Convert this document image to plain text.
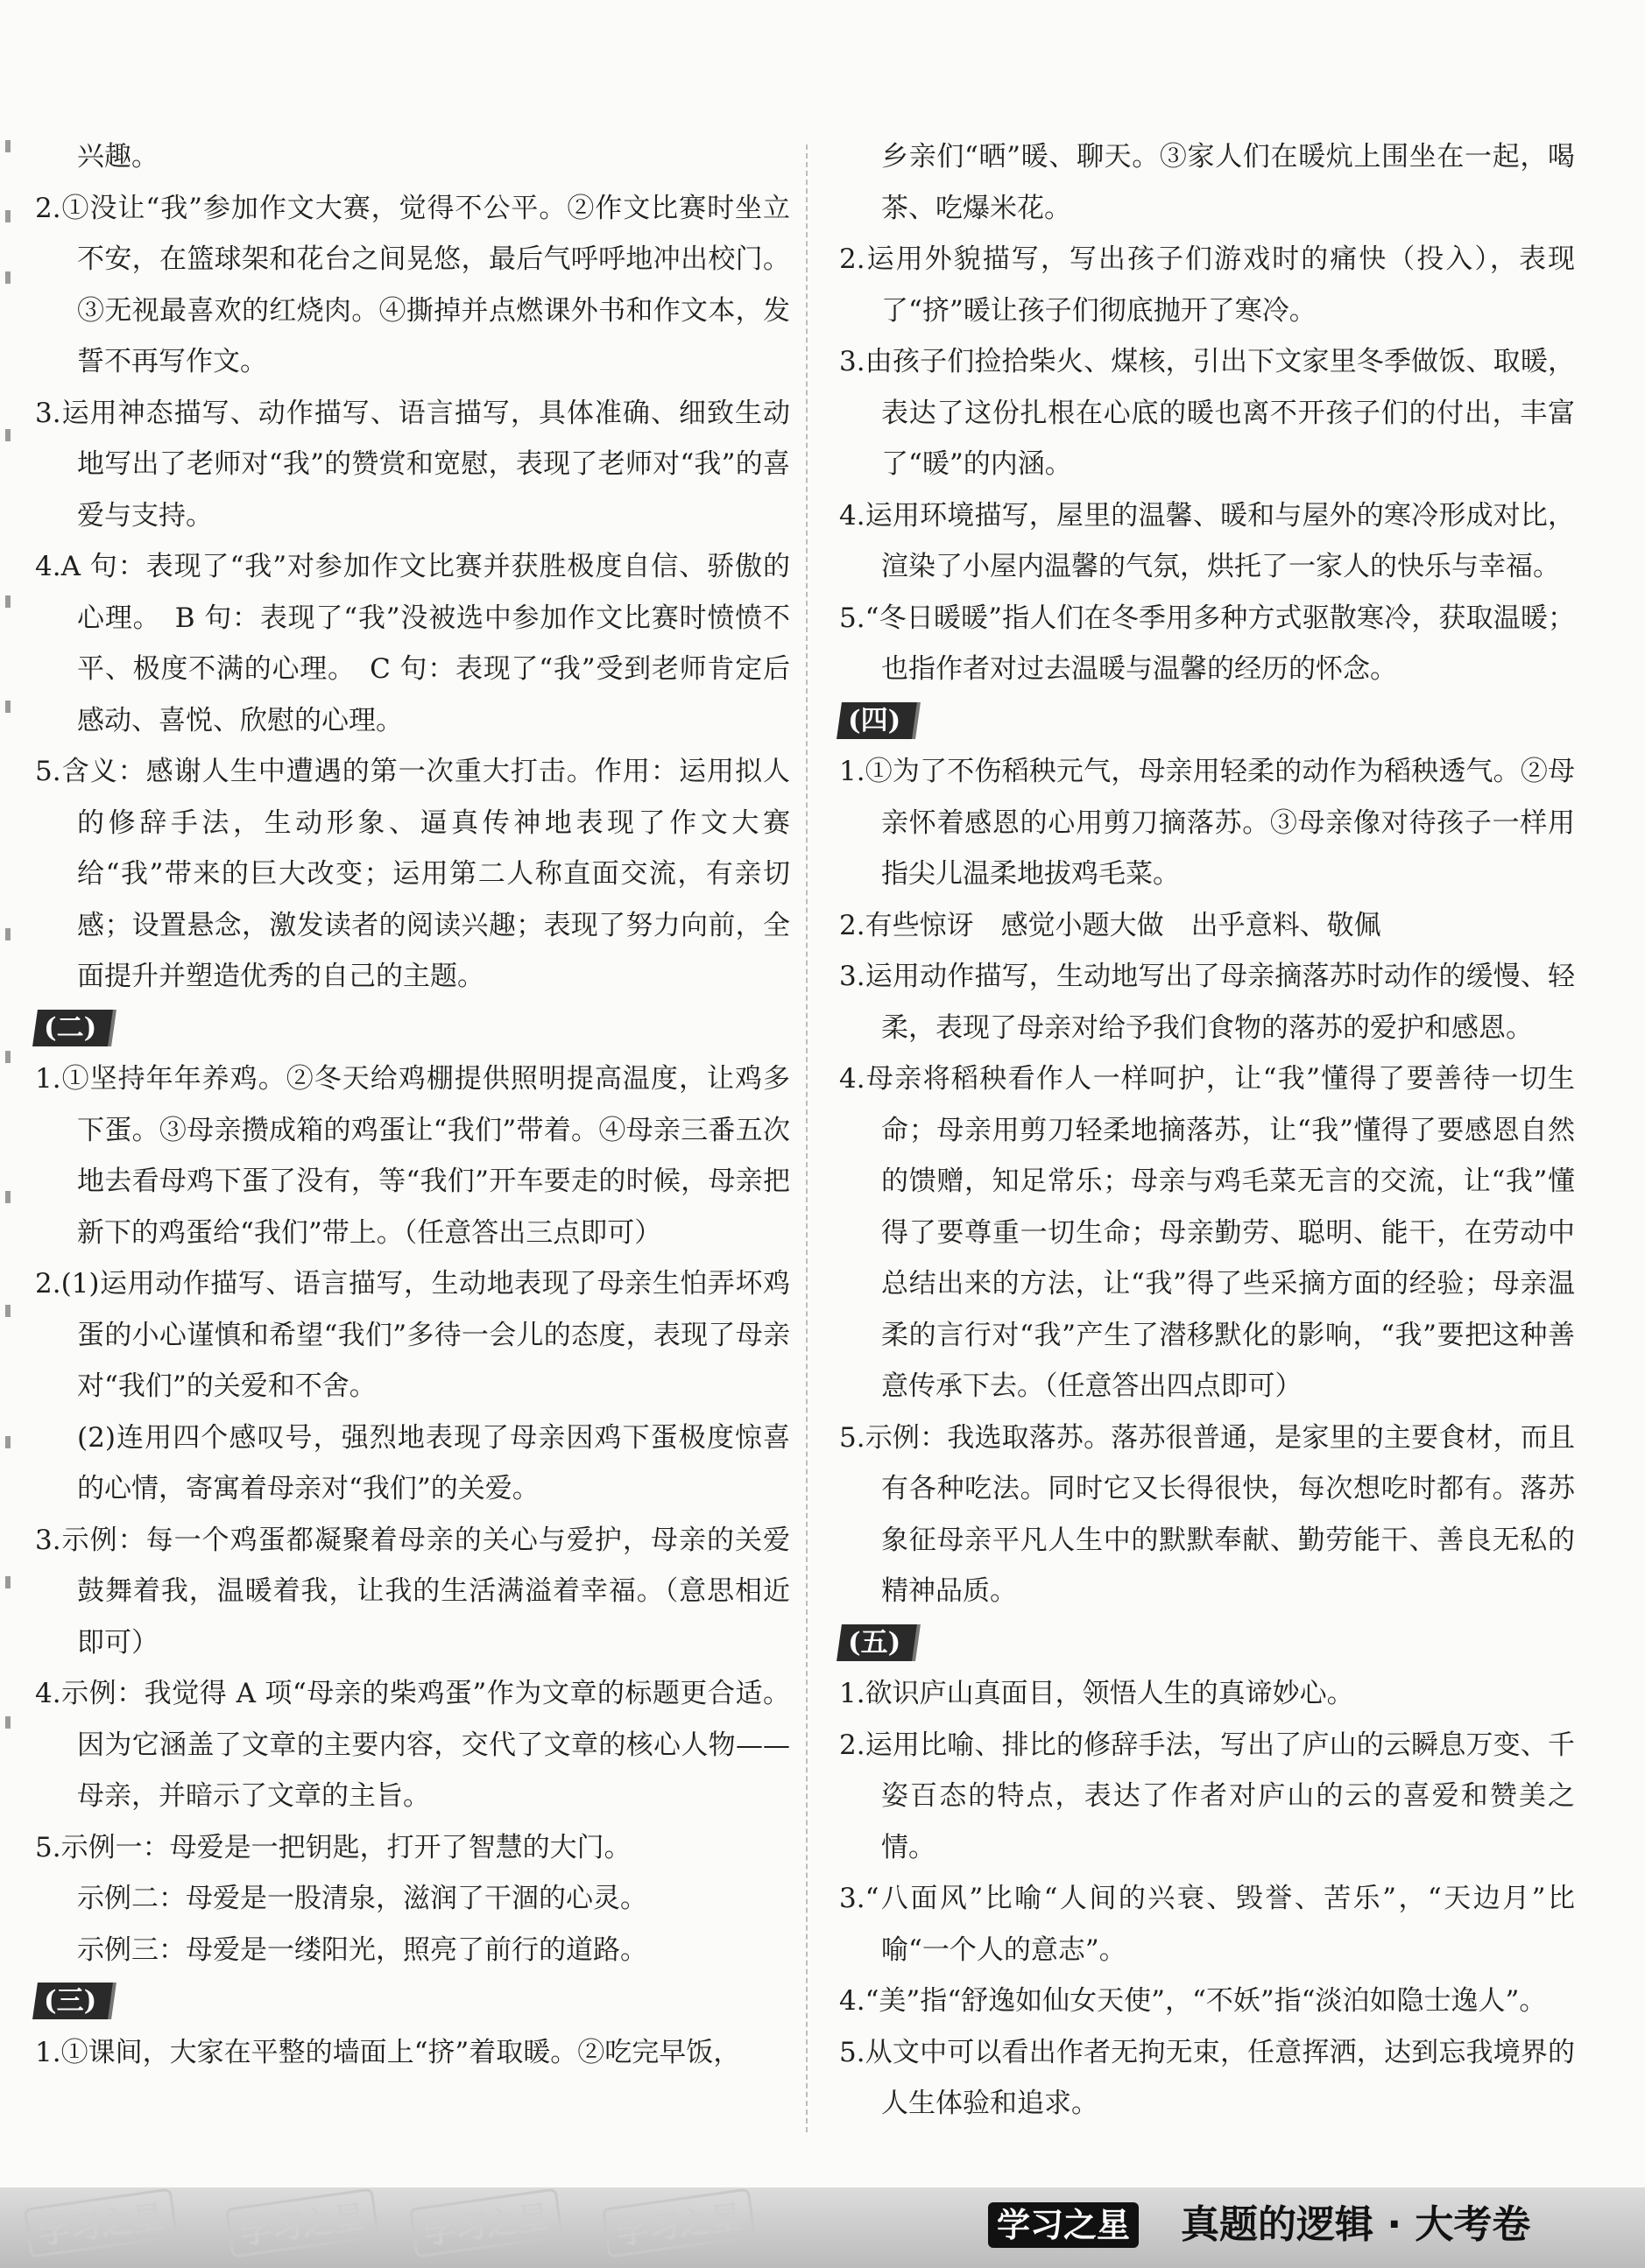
兴趣。
2.①没让“我”参加作文大赛，觉得不公平。②作文比赛时坐立不安，在篮球架和花台之间晃悠，最后气呼呼地冲出校门。③无视最喜欢的红烧肉。④撕掉并点燃课外书和作文本，发誓不再写作文。
3.运用神态描写、动作描写、语言描写，具体准确、细致生动地写出了老师对“我”的赞赏和宽慰，表现了老师对“我”的喜爱与支持。
4.A 句：表现了“我”对参加作文比赛并获胜极度自信、骄傲的心理。　B 句：表现了“我”没被选中参加作文比赛时愤愤不平、极度不满的心理。　C 句：表现了“我”受到老师肯定后感动、喜悦、欣慰的心理。
5.含义：感谢人生中遭遇的第一次重大打击。作用：运用拟人的修辞手法，生动形象、逼真传神地表现了作文大赛给“我”带来的巨大改变；运用第二人称直面交流，有亲切感；设置悬念，激发读者的阅读兴趣；表现了努力向前，全面提升并塑造优秀的自己的主题。
(二)
1.①坚持年年养鸡。②冬天给鸡棚提供照明提高温度，让鸡多下蛋。③母亲攒成箱的鸡蛋让“我们”带着。④母亲三番五次地去看母鸡下蛋了没有，等“我们”开车要走的时候，母亲把新下的鸡蛋给“我们”带上。（任意答出三点即可）
2.(1)运用动作描写、语言描写，生动地表现了母亲生怕弄坏鸡蛋的小心谨慎和希望“我们”多待一会儿的态度，表现了母亲对“我们”的关爱和不舍。
(2)连用四个感叹号，强烈地表现了母亲因鸡下蛋极度惊喜的心情，寄寓着母亲对“我们”的关爱。
3.示例：每一个鸡蛋都凝聚着母亲的关心与爱护，母亲的关爱鼓舞着我，温暖着我，让我的生活满溢着幸福。（意思相近即可）
4.示例：我觉得 A 项“母亲的柴鸡蛋”作为文章的标题更合适。因为它涵盖了文章的主要内容，交代了文章的核心人物——母亲，并暗示了文章的主旨。
5.示例一：母爱是一把钥匙，打开了智慧的大门。
示例二：母爱是一股清泉，滋润了干涸的心灵。
示例三：母爱是一缕阳光，照亮了前行的道路。
(三)
1.①课间，大家在平整的墙面上“挤”着取暖。②吃完早饭，
乡亲们“晒”暖、聊天。③家人们在暖炕上围坐在一起，喝茶、吃爆米花。
2.运用外貌描写，写出孩子们游戏时的痛快（投入），表现了“挤”暖让孩子们彻底抛开了寒冷。
3.由孩子们捡拾柴火、煤核，引出下文家里冬季做饭、取暖，表达了这份扎根在心底的暖也离不开孩子们的付出，丰富了“暖”的内涵。
4.运用环境描写，屋里的温馨、暖和与屋外的寒冷形成对比，渲染了小屋内温馨的气氛，烘托了一家人的快乐与幸福。
5.“冬日暖暖”指人们在冬季用多种方式驱散寒冷，获取温暖；也指作者对过去温暖与温馨的经历的怀念。
(四)
1.①为了不伤稻秧元气，母亲用轻柔的动作为稻秧透气。②母亲怀着感恩的心用剪刀摘落苏。③母亲像对待孩子一样用指尖儿温柔地拔鸡毛菜。
2.有些惊讶　感觉小题大做　出乎意料、敬佩
3.运用动作描写，生动地写出了母亲摘落苏时动作的缓慢、轻柔，表现了母亲对给予我们食物的落苏的爱护和感恩。
4.母亲将稻秧看作人一样呵护，让“我”懂得了要善待一切生命；母亲用剪刀轻柔地摘落苏，让“我”懂得了要感恩自然的馈赠，知足常乐；母亲与鸡毛菜无言的交流，让“我”懂得了要尊重一切生命；母亲勤劳、聪明、能干，在劳动中总结出来的方法，让“我”得了些采摘方面的经验；母亲温柔的言行对“我”产生了潜移默化的影响，“我”要把这种善意传承下去。（任意答出四点即可）
5.示例：我选取落苏。落苏很普通，是家里的主要食材，而且有各种吃法。同时它又长得很快，每次想吃时都有。落苏象征母亲平凡人生中的默默奉献、勤劳能干、善良无私的精神品质。
(五)
1.欲识庐山真面目，领悟人生的真谛妙心。
2.运用比喻、排比的修辞手法，写出了庐山的云瞬息万变、千姿百态的特点，表达了作者对庐山的云的喜爱和赞美之情。
3.“八面风”比喻“人间的兴衰、毁誉、苦乐”，“天边月”比喻“一个人的意志”。
4.“美”指“舒逸如仙女天使”，“不妖”指“淡泊如隐士逸人”。
5.从文中可以看出作者无拘无束，任意挥洒，达到忘我境界的人生体验和追求。
学习之星	学习之星	学习之星	学习之星	学习之星 真题的逻辑 · 大考卷
